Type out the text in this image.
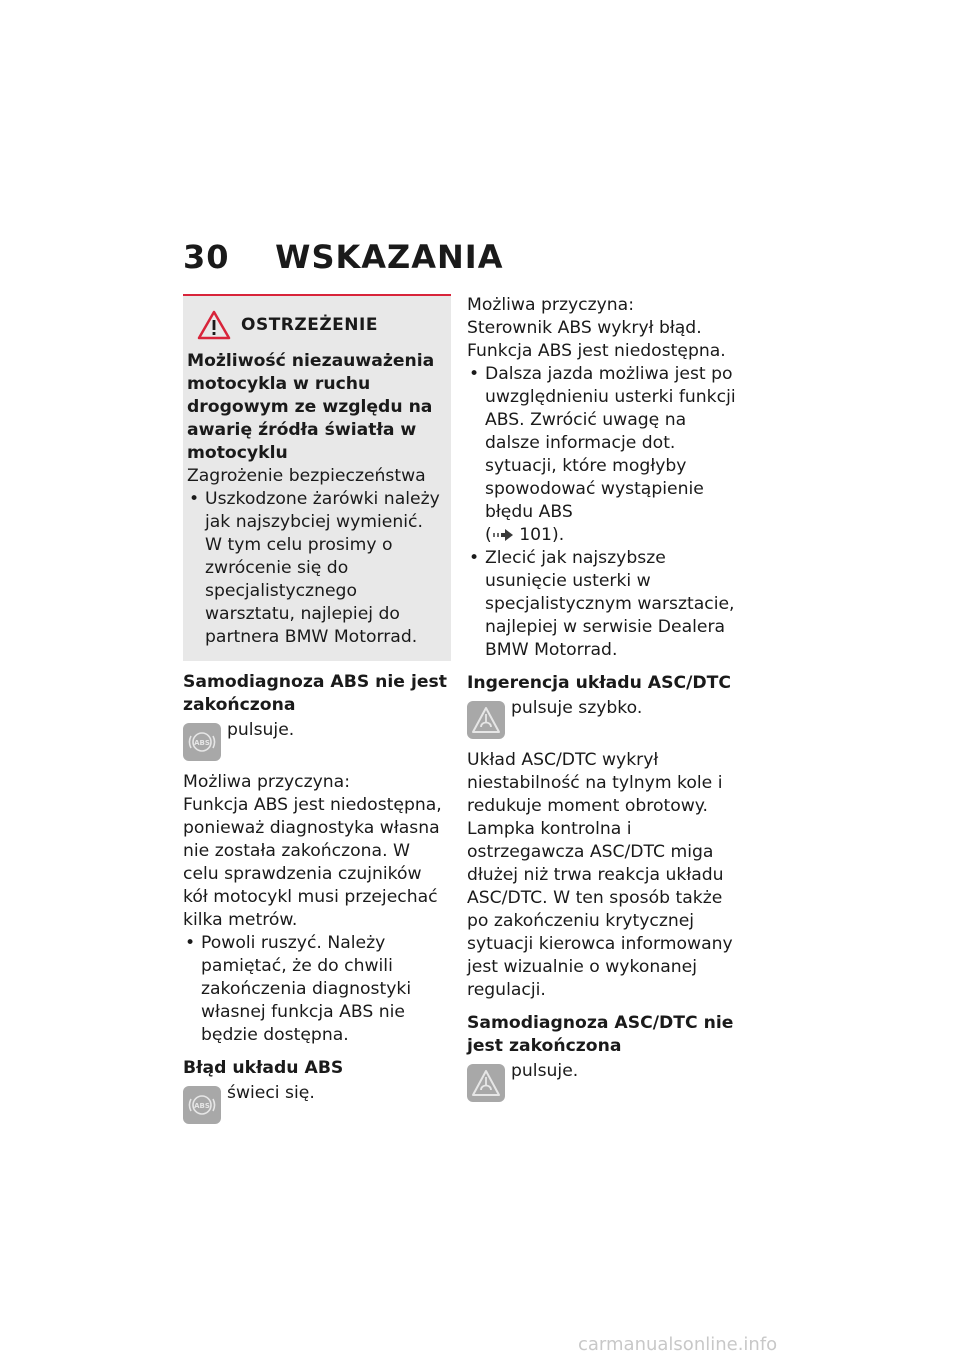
30 WSKAZANIA
OSTRZEŻENIE

Możliwość niezauważenia motocykla w ruchu drogowym ze względu na awarię źródła światła w motocyklu

Zagrożenie bezpieczeństwa

• Uszkodzone żarówki należy jak najszybciej wymienić. W tym celu prosimy o zwrócenie się do specjalistycznego warsztatu, najlepiej do partnera BMW Motorrad.

Samodiagnoza ABS nie jest zakończona

ABS
pulsuje.

Możliwa przyczyna:

Funkcja ABS jest niedostępna, ponieważ diagnostyka własna nie została zakończona. W celu sprawdzenia czujników kół motocykl musi przejechać kilka metrów.

• Powoli ruszyć. Należy pamiętać, że do chwili zakończenia diagnostyki własnej funkcja ABS nie będzie dostępna.

Błąd układu ABS

ABS
świeci się.

Możliwa przyczyna:

Sterownik ABS wykrył błąd.

Funkcja ABS jest niedostępna.

• Dalsza jazda możliwa jest po uwzględnieniu usterki funkcji ABS. Zwrócić uwagę na dalsze informacje dot. sytuacji, które mogłyby spowodować wystąpienie błędu ABS
( 101).
• Zlecić jak najszybsze usunięcie usterki w specjalistycznym warsztacie, najlepiej w serwisie Dealera BMW Motorrad.

Ingerencja układu ASC/DTC

pulsuje szybko.

Układ ASC/DTC wykrył niestabilność na tylnym kole i redukuje moment obrotowy. Lampka kontrolna i ostrzegawcza ASC/DTC miga dłużej niż trwa reakcja układu ASC/DTC. W ten sposób także po zakończeniu krytycznej sytuacji kierowca informowany jest wizualnie o wykonanej regulacji.

Samodiagnoza ASC/DTC nie jest zakończona

pulsuje.
carmanualsonline.info
